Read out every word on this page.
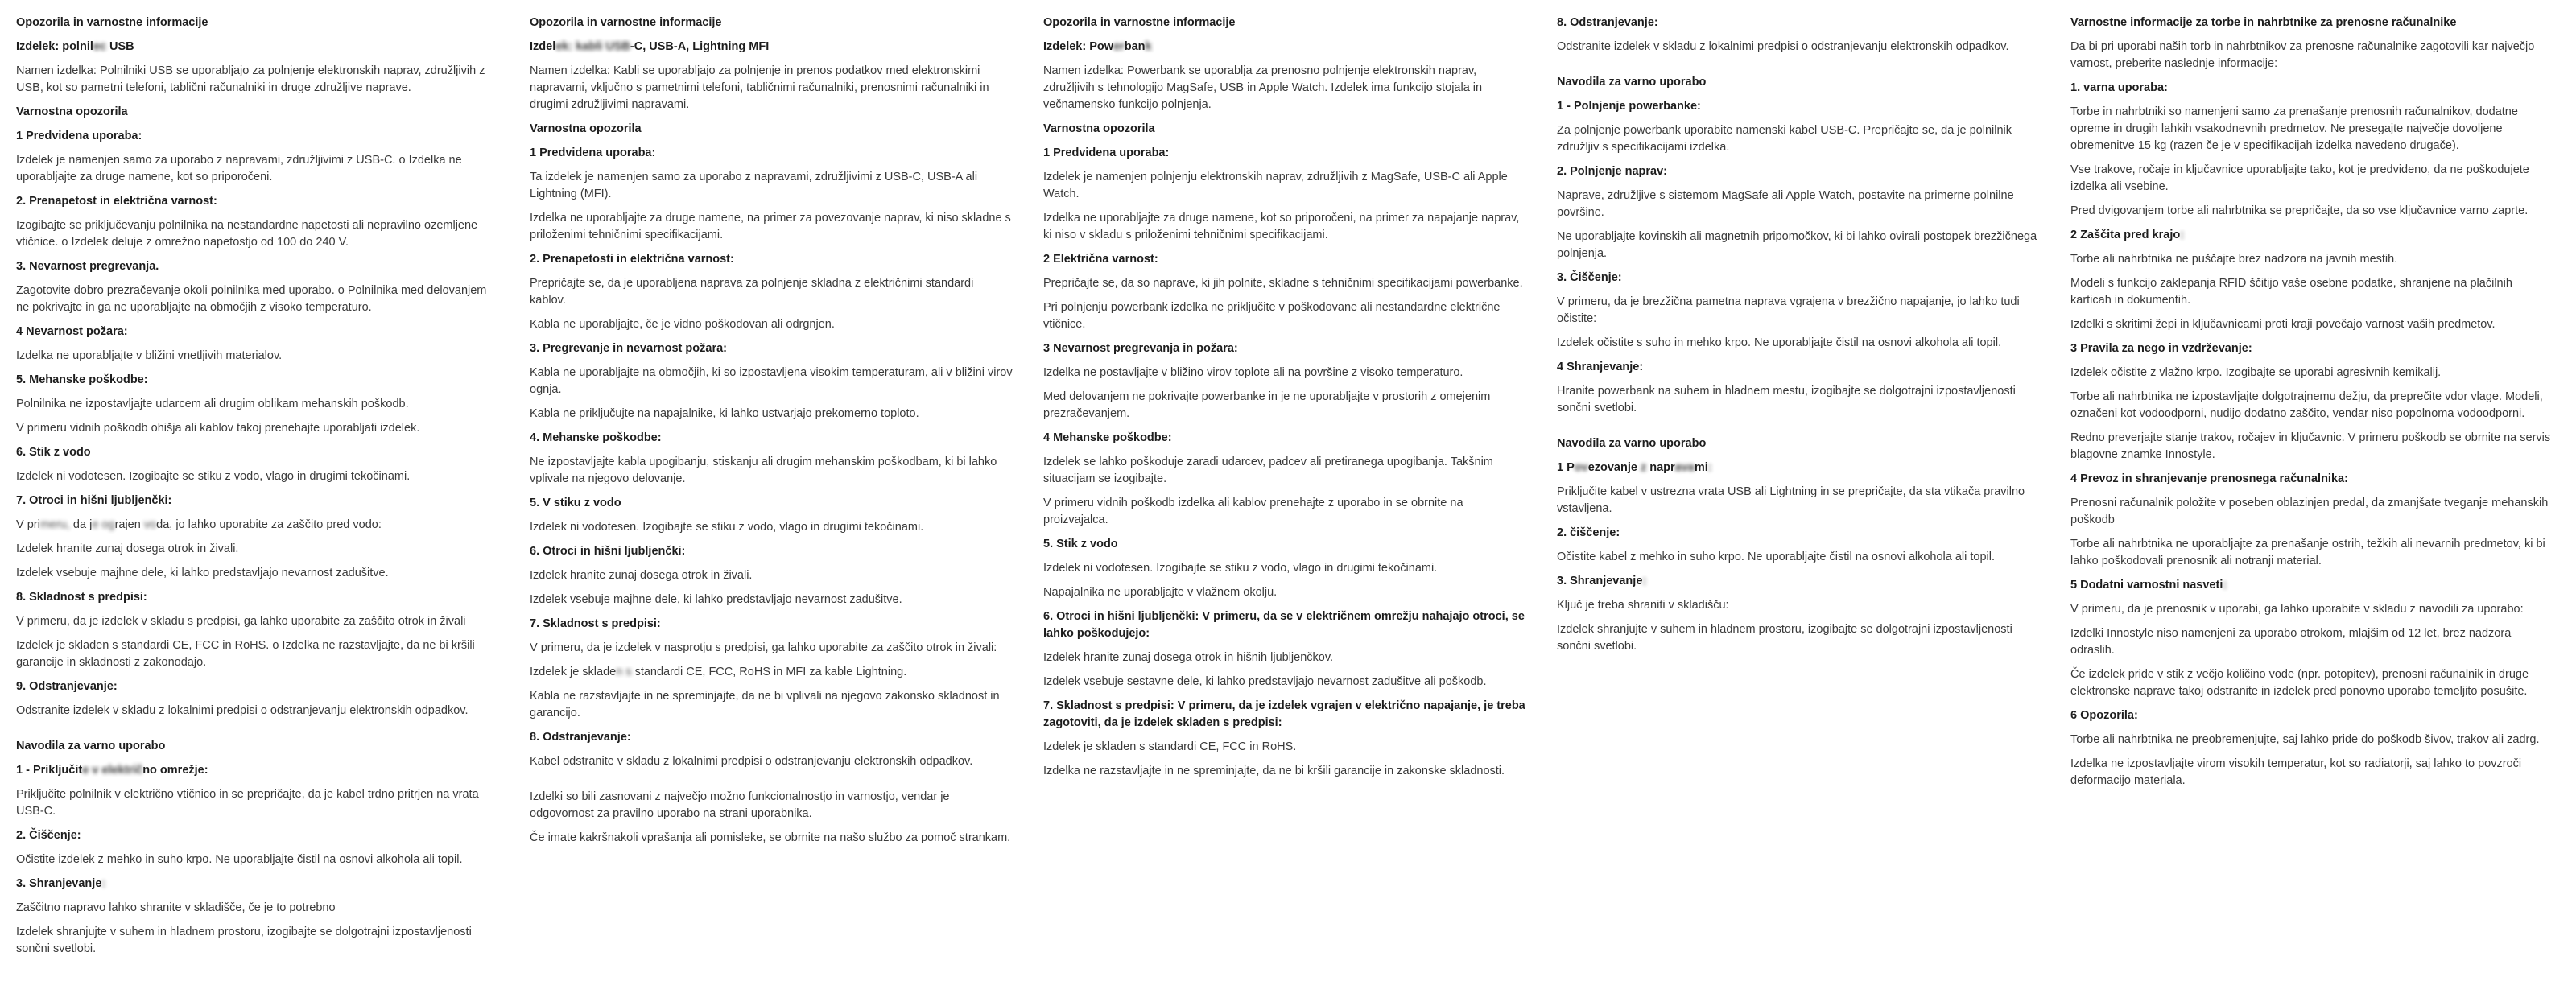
Opozorila in varnostne informacije
Izdelek: polnilec USB

Namen izdelka: Polnilniki USB se uporabljajo za polnjenje elektronskih naprav, združljivih z USB, kot so pametni telefoni, tablični računalniki in druge združljive naprave.

Varnostna opozorila
1 Predvidena uporaba:

Izdelek je namenjen samo za uporabo z napravami, združljivimi z USB-C. o Izdelka ne uporabljajte za druge namene, kot so priporočeni.

2. Prenapetost in električna varnost:

Izogibajte se priključevanju polnilnika na nestandardne napetosti ali nepravilno ozemljene vtičnice. o Izdelek deluje z omrežno napetostjo od 100 do 240 V.

3. Nevarnost pregrevanja.

Zagotovite dobro prezračevanje okoli polnilnika med uporabo. o Polnilnika med delovanjem ne pokrivajte in ga ne uporabljajte na območjih z visoko temperaturo.

4 Nevarnost požara:

Izdelka ne uporabljajte v bližini vnetljivih materialov.

5. Mehanske poškodbe:

Polnilnika ne izpostavljajte udarcem ali drugim oblikam mehanskih poškodb.

V primeru vidnih poškodb ohišja ali kablov takoj prenehajte uporabljati izdelek.

6. Stik z vodo

Izdelek ni vodotesen. Izogibajte se stiku z vodo, vlago in drugimi tekočinami.

7. Otroci in hišni ljubljenčki:

V primeru, da je ograjen voda, jo lahko uporabite za zaščito pred vodo:

Izdelek hranite zunaj dosega otrok in živali.

Izdelek vsebuje majhne dele, ki lahko predstavljajo nevarnost zadušitve.

8. Skladnost s predpisi:

V primeru, da je izdelek v skladu s predpisi, ga lahko uporabite za zaščito otrok in živali

Izdelek je skladen s standardi CE, FCC in RoHS. o Izdelka ne razstavljajte, da ne bi kršili garancije in skladnosti z zakonodajo.

9. Odstranjevanje:

Odstranite izdelek v skladu z lokalnimi predpisi o odstranjevanju elektronskih odpadkov.

Navodila za varno uporabo
1 - Priključite v električno omrežje:

Priključite polnilnik v električno vtičnico in se prepričajte, da je kabel trdno pritrjen na vrata USB-C.

2. Čiščenje:

Očistite izdelek z mehko in suho krpo. Ne uporabljajte čistil na osnovi alkohola ali topil.

3. Shranjevanje:

Zaščitno napravo lahko shranite v skladišče, če je to potrebno

Izdelek shranjujte v suhem in hladnem prostoru, izogibajte se dolgotrajni izpostavljenosti sončni svetlobi.

Opozorila in varnostne informacije
Izdelek: kabli USB-C, USB-A, Lightning MFI

Namen izdelka: Kabli se uporabljajo za polnjenje in prenos podatkov med elektronskimi napravami, vključno s pametnimi telefoni, tabličnimi računalniki, prenosnimi računalniki in drugimi združljivimi napravami.

Varnostna opozorila
1 Predvidena uporaba:

Ta izdelek je namenjen samo za uporabo z napravami, združljivimi z USB-C, USB-A ali Lightning (MFI).

Izdelka ne uporabljajte za druge namene, na primer za povezovanje naprav, ki niso skladne s priloženimi tehničnimi specifikacijami.

2. Prenapetosti in električna varnost:

Prepričajte se, da je uporabljena naprava za polnjenje skladna z električnimi standardi kablov.

Kabla ne uporabljajte, če je vidno poškodovan ali odrgnjen.

3. Pregrevanje in nevarnost požara:

Kabla ne uporabljajte na območjih, ki so izpostavljena visokim temperaturam, ali v bližini virov ognja.

Kabla ne priključujte na napajalnike, ki lahko ustvarjajo prekomerno toploto.

4. Mehanske poškodbe:

Ne izpostavljajte kabla upogibanju, stiskanju ali drugim mehanskim poškodbam, ki bi lahko vplivale na njegovo delovanje.

5. V stiku z vodo

Izdelek ni vodotesen. Izogibajte se stiku z vodo, vlago in drugimi tekočinami.

6. Otroci in hišni ljubljenčki:

Izdelek hranite zunaj dosega otrok in živali.

Izdelek vsebuje majhne dele, ki lahko predstavljajo nevarnost zadušitve.

7. Skladnost s predpisi:

V primeru, da je izdelek v nasprotju s predpisi, ga lahko uporabite za zaščito otrok in živali:

Izdelek je skladen s standardi CE, FCC, RoHS in MFI za kable Lightning.

Kabla ne razstavljajte in ne spreminjajte, da ne bi vplivali na njegovo zakonsko skladnost in garancijo.

8. Odstranjevanje:

Kabel odstranite v skladu z lokalnimi predpisi o odstranjevanju elektronskih odpadkov.

Izdelki so bili zasnovani z največjo možno funkcionalnostjo in varnostjo, vendar je odgovornost za pravilno uporabo na strani uporabnika.

Če imate kakršnakoli vprašanja ali pomisleke, se obrnite na našo službo za pomoč strankam.

Opozorila in varnostne informacije
Izdelek: Powerbank

Namen izdelka: Powerbank se uporablja za prenosno polnjenje elektronskih naprav, združljivih s tehnologijo MagSafe, USB in Apple Watch. Izdelek ima funkcijo stojala in večnamensko funkcijo polnjenja.

Varnostna opozorila
1 Predvidena uporaba:

Izdelek je namenjen polnjenju elektronskih naprav, združljivih z MagSafe, USB-C ali Apple Watch.

Izdelka ne uporabljajte za druge namene, kot so priporočeni, na primer za napajanje naprav, ki niso v skladu s priloženimi tehničnimi specifikacijami.

2 Električna varnost:

Prepričajte se, da so naprave, ki jih polnite, skladne s tehničnimi specifikacijami powerbanke.

Pri polnjenju powerbank izdelka ne priključite v poškodovane ali nestandardne električne vtičnice.

3 Nevarnost pregrevanja in požara:

Izdelka ne postavljajte v bližino virov toplote ali na površine z visoko temperaturo.

Med delovanjem ne pokrivajte powerbanke in je ne uporabljajte v prostorih z omejenim prezračevanjem.

4 Mehanske poškodbe:

Izdelek se lahko poškoduje zaradi udarcev, padcev ali pretiranega upogibanja. Takšnim situacijam se izogibajte.

V primeru vidnih poškodb izdelka ali kablov prenehajte z uporabo in se obrnite na proizvajalca.

5. Stik z vodo

Izdelek ni vodotesen. Izogibajte se stiku z vodo, vlago in drugimi tekočinami.

Napajalnika ne uporabljajte v vlažnem okolju.

6. Otroci in hišni ljubljenčki: V primeru, da se v električnem omrežju nahajajo otroci, se lahko poškodujejo:

Izdelek hranite zunaj dosega otrok in hišnih ljubljenčkov.

Izdelek vsebuje sestavne dele, ki lahko predstavljajo nevarnost zadušitve ali poškodb.

7. Skladnost s predpisi: V primeru, da je izdelek vgrajen v električno napajanje, je treba zagotoviti, da je izdelek skladen s predpisi:

Izdelek je skladen s standardi CE, FCC in RoHS.

Izdelka ne razstavljajte in ne spreminjajte, da ne bi kršili garancije in zakonske skladnosti.

8. Odstranjevanje:

Odstranite izdelek v skladu z lokalnimi predpisi o odstranjevanju elektronskih odpadkov.

Navodila za varno uporabo
1 - Polnjenje powerbanke:

Za polnjenje powerbank uporabite namenski kabel USB-C. Prepričajte se, da je polnilnik združljiv s specifikacijami izdelka.

2. Polnjenje naprav:

Naprave, združljive s sistemom MagSafe ali Apple Watch, postavite na primerne polnilne površine.

Ne uporabljajte kovinskih ali magnetnih pripomočkov, ki bi lahko ovirali postopek brezžičnega polnjenja.

3. Čiščenje:

V primeru, da je brezžična pametna naprava vgrajena v brezžično napajanje, jo lahko tudi očistite:

Izdelek očistite s suho in mehko krpo. Ne uporabljajte čistil na osnovi alkohola ali topil.

4 Shranjevanje:

Hranite powerbank na suhem in hladnem mestu, izogibajte se dolgotrajni izpostavljenosti sončni svetlobi.

Navodila za varno uporabo
1 Povezovanje z napravami:

Priključite kabel v ustrezna vrata USB ali Lightning in se prepričajte, da sta vtikača pravilno vstavljena.

2. čiščenje:

Očistite kabel z mehko in suho krpo. Ne uporabljajte čistil na osnovi alkohola ali topil.

3. Shranjevanje:

Ključ je treba shraniti v skladišču:

Izdelek shranjujte v suhem in hladnem prostoru, izogibajte se dolgotrajni izpostavljenosti sončni svetlobi.

Varnostne informacije za torbe in nahrbtnike za prenosne računalnike

Da bi pri uporabi naših torb in nahrbtnikov za prenosne računalnike zagotovili kar največjo varnost, preberite naslednje informacije:

1. varna uporaba:

Torbe in nahrbtniki so namenjeni samo za prenašanje prenosnih računalnikov, dodatne opreme in drugih lahkih vsakodnevnih predmetov. Ne presegajte največje dovoljene obremenitve 15 kg (razen če je v specifikacijah izdelka navedeno drugače).

Vse trakove, ročaje in ključavnice uporabljajte tako, kot je predvideno, da ne poškodujete izdelka ali vsebine.

Pred dvigovanjem torbe ali nahrbtnika se prepričajte, da so vse ključavnice varno zaprte.

2 Zaščita pred krajo:

Torbe ali nahrbtnika ne puščajte brez nadzora na javnih mestih.

Modeli s funkcijo zaklepanja RFID ščitijo vaše osebne podatke, shranjene na plačilnih karticah in dokumentih.

Izdelki s skritimi žepi in ključavnicami proti kraji povečajo varnost vaših predmetov.

3 Pravila za nego in vzdrževanje:

Izdelek očistite z vlažno krpo. Izogibajte se uporabi agresivnih kemikalij.

Torbe ali nahrbtnika ne izpostavljajte dolgotrajnemu dežju, da preprečite vdor vlage. Modeli, označeni kot vodoodporni, nudijo dodatno zaščito, vendar niso popolnoma vodoodporni.

Redno preverjajte stanje trakov, ročajev in ključavnic. V primeru poškodb se obrnite na servis blagovne znamke Innostyle.

4 Prevoz in shranjevanje prenosnega računalnika:

Prenosni računalnik položite v poseben oblazinjen predal, da zmanjšate tveganje mehanskih poškodb

Torbe ali nahrbtnika ne uporabljajte za prenašanje ostrih, težkih ali nevarnih predmetov, ki bi lahko poškodovali prenosnik ali notranji material.

5 Dodatni varnostni nasveti:

V primeru, da je prenosnik v uporabi, ga lahko uporabite v skladu z navodili za uporabo:

Izdelki Innostyle niso namenjeni za uporabo otrokom, mlajšim od 12 let, brez nadzora odraslih.

Če izdelek pride v stik z večjo količino vode (npr. potopitev), prenosni računalnik in druge elektronske naprave takoj odstranite in izdelek pred ponovno uporabo temeljito posušite.

6 Opozorila:

Torbe ali nahrbtnika ne preobremenjujte, saj lahko pride do poškodb šivov, trakov ali zadrg.

Izdelka ne izpostavljajte virom visokih temperatur, kot so radiatorji, saj lahko to povzroči deformacijo materiala.
